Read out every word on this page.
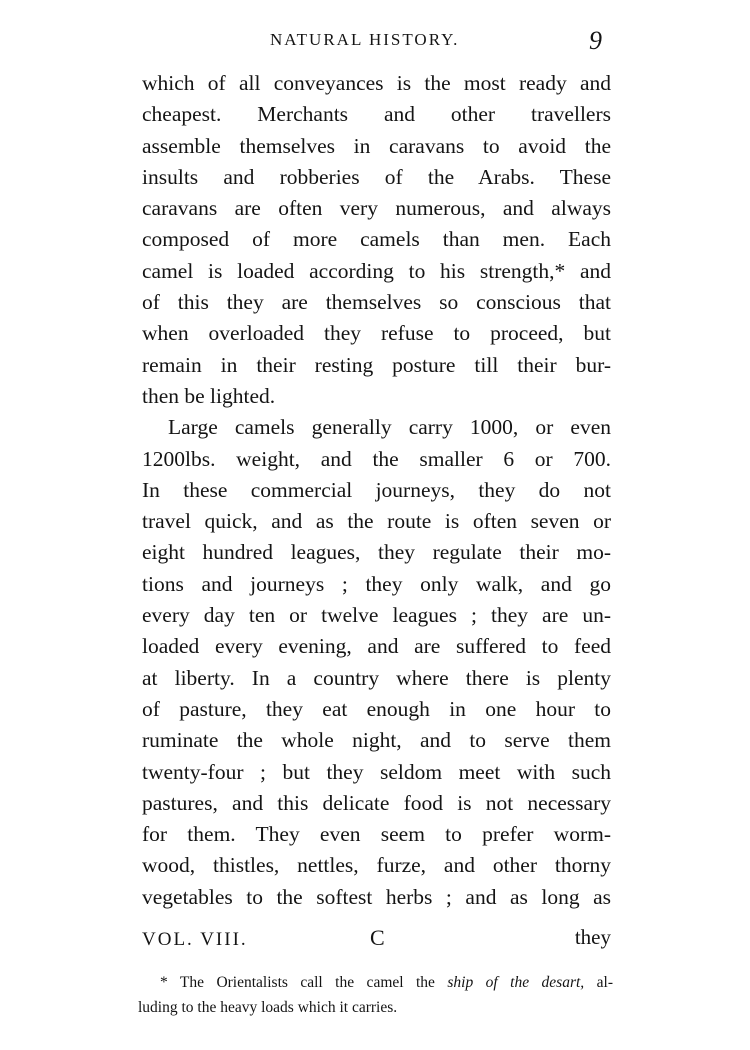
NATURAL HISTORY.	9
which of all conveyances is the most ready and
cheapest. Merchants and other travellers
assemble themselves in caravans to avoid the
insults and robberies of the Arabs. These
caravans are often very numerous, and always
composed of more camels than men. Each
camel is loaded according to his strength,* and
of this they are themselves so conscious that
when overloaded they refuse to proceed, but
remain in their resting posture till their bur-
then be lighted.
Large camels generally carry 1000, or even
1200lbs. weight, and the smaller 6 or 700.
In these commercial journeys, they do not
travel quick, and as the route is often seven or
eight hundred leagues, they regulate their mo-
tions and journeys ; they only walk, and go
every day ten or twelve leagues ; they are un-
loaded every evening, and are suffered to feed
at liberty. In a country where there is plenty
of pasture, they eat enough in one hour to
ruminate the whole night, and to serve them
twenty-four ; but they seldom meet with such
pastures, and this delicate food is not necessary
for them. They even seem to prefer worm-
wood, thistles, nettles, furze, and other thorny
vegetables to the softest herbs ; and as long as
VOL. VIII.	C	they
* The Orientalists call the camel the ship of the desart, al-
luding to the heavy loads which it carries.
